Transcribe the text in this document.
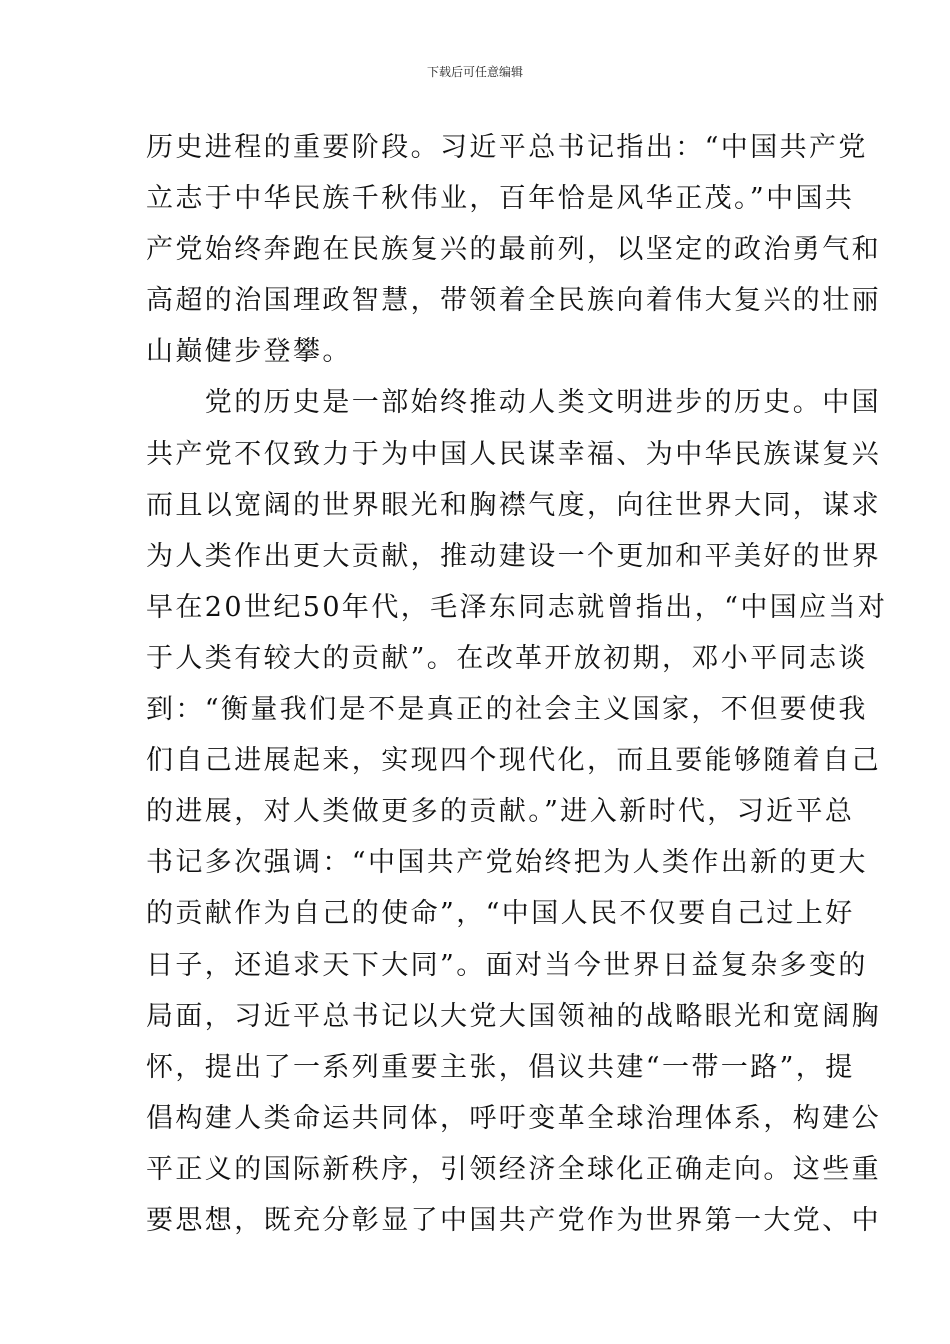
下载后可任意编辑
历史进程的重要阶段。习近平总书记指出：“中国共产党
立志于中华民族千秋伟业，百年恰是风华正茂。”中国共
产党始终奔跑在民族复兴的最前列，以坚定的政治勇气和
高超的治国理政智慧，带领着全民族向着伟大复兴的壮丽
山巅健步登攀。
　　党的历史是一部始终推动人类文明进步的历史。中国
共产党不仅致力于为中国人民谋幸福、为中华民族谋复兴
而且以宽阔的世界眼光和胸襟气度，向往世界大同，谋求
为人类作出更大贡献，推动建设一个更加和平美好的世界
早在20世纪50年代，毛泽东同志就曾指出，“中国应当对
于人类有较大的贡献”。在改革开放初期，邓小平同志谈
到：“衡量我们是不是真正的社会主义国家，不但要使我
们自己进展起来，实现四个现代化，而且要能够随着自己
的进展，对人类做更多的贡献。”进入新时代，习近平总
书记多次强调：“中国共产党始终把为人类作出新的更大
的贡献作为自己的使命”，“中国人民不仅要自己过上好
日子，还追求天下大同”。面对当今世界日益复杂多变的
局面，习近平总书记以大党大国领袖的战略眼光和宽阔胸
怀，提出了一系列重要主张，倡议共建“一带一路”，提
倡构建人类命运共同体，呼吁变革全球治理体系，构建公
平正义的国际新秩序，引领经济全球化正确走向。这些重
要思想，既充分彰显了中国共产党作为世界第一大党、中
